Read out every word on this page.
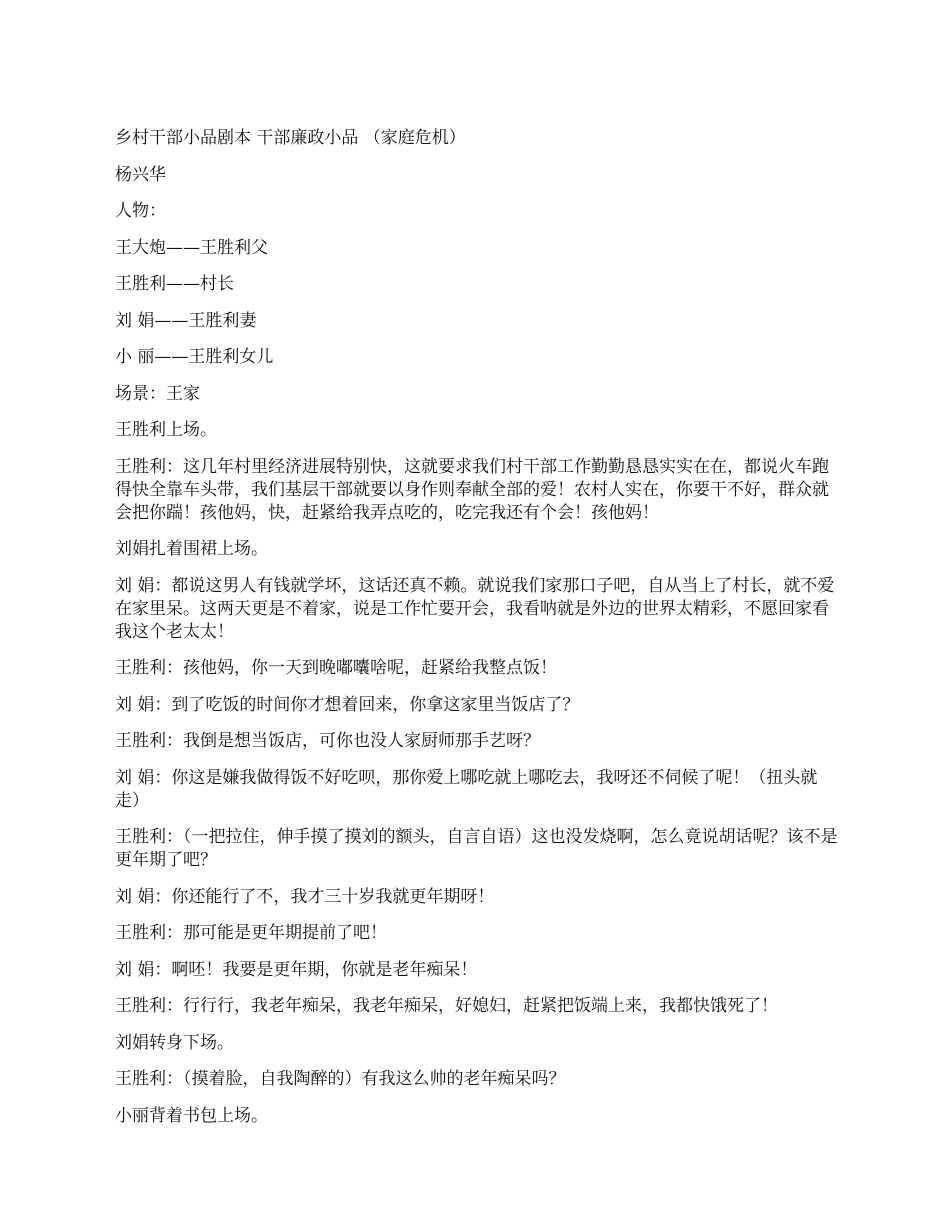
乡村干部小品剧本 干部廉政小品 （家庭危机）

杨兴华

人物：

王大炮——王胜利父

王胜利——村长

刘 娟——王胜利妻

小 丽——王胜利女儿

场景：王家

王胜利上场。

王胜利：这几年村里经济进展特别快，这就要求我们村干部工作勤勤恳恳实实在在，都说火车跑得快全靠车头带，我们基层干部就要以身作则奉献全部的爱！农村人实在，你要干不好，群众就会把你踹！孩他妈，快，赶紧给我弄点吃的，吃完我还有个会！孩他妈！

刘娟扎着围裙上场。

刘 娟：都说这男人有钱就学坏，这话还真不赖。就说我们家那口子吧，自从当上了村长，就不爱在家里呆。这两天更是不着家，说是工作忙要开会，我看呐就是外边的世界太精彩，不愿回家看我这个老太太！

王胜利：孩他妈，你一天到晚嘟囔啥呢，赶紧给我整点饭！

刘 娟：到了吃饭的时间你才想着回来，你拿这家里当饭店了？

王胜利：我倒是想当饭店，可你也没人家厨师那手艺呀？

刘 娟：你这是嫌我做得饭不好吃呗，那你爱上哪吃就上哪吃去，我呀还不伺候了呢！（扭头就走）

王胜利：（一把拉住，伸手摸了摸刘的额头，自言自语）这也没发烧啊，怎么竟说胡话呢？该不是更年期了吧？

刘 娟：你还能行了不，我才三十岁我就更年期呀！

王胜利：那可能是更年期提前了吧！

刘 娟：啊呸！我要是更年期，你就是老年痴呆！

王胜利：行行行，我老年痴呆，我老年痴呆，好媳妇，赶紧把饭端上来，我都快饿死了！

刘娟转身下场。

王胜利：（摸着脸，自我陶醉的）有我这么帅的老年痴呆吗？

小丽背着书包上场。
